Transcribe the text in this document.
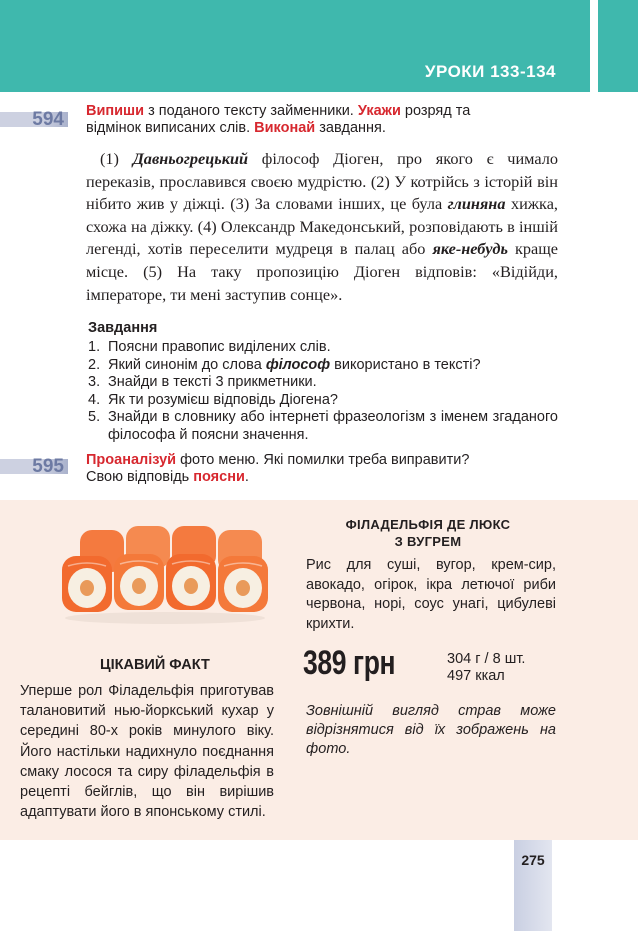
УРОКИ 133-134
594 Випиши з поданого тексту займенники. Укажи розряд та
відмінок виписаних слів. Виконай завдання.
(1) Давньогрецький філософ Діоген, про якого є чимало переказів, прославився своєю мудрістю. (2) У котрійсь з історій він нібито жив у діжці. (3) За словами інших, це була глиняна хижка, схожа на діжку. (4) Олександр Македонський, розповідають в іншій легенді, хотів переселити мудреця в палац або яке-небудь краще місце. (5) На таку пропозицію Діоген відповів: «Відійди, імператоре, ти мені заступив сонце».
Завдання
1. Поясни правопис виділених слів.
2. Який синонім до слова філософ використано в тексті?
3. Знайди в тексті 3 прикметники.
4. Як ти розумієш відповідь Діогена?
5. Знайди в словнику або інтернеті фразеологізм з іменем згаданого філософа й поясни значення.
595 Проаналізуй фото меню. Які помилки треба виправити?
Свою відповідь поясни.
ЦІКАВИЙ ФАКТ
Уперше рол Філадельфія приготував талановитий нью-йоркський кухар у середині 80-х років минулого віку. Його настільки надихнуло поєднання смаку лосося та сиру філадельфія в рецепті бейглів, що він вирішив адаптувати його в японському стилі.
ФІЛАДЕЛЬФІЯ ДЕ ЛЮКС
З ВУГРЕМ
Рис для суші, вугор, крем-сир, авокадо, огірок, ікра летючої риби червона, норі, соус унагі, цибулеві крихти.
389 грн	304 г / 8 шт.
497 ккал
Зовнішній вигляд страв може відрізнятися від їх зображень на фото.
275
